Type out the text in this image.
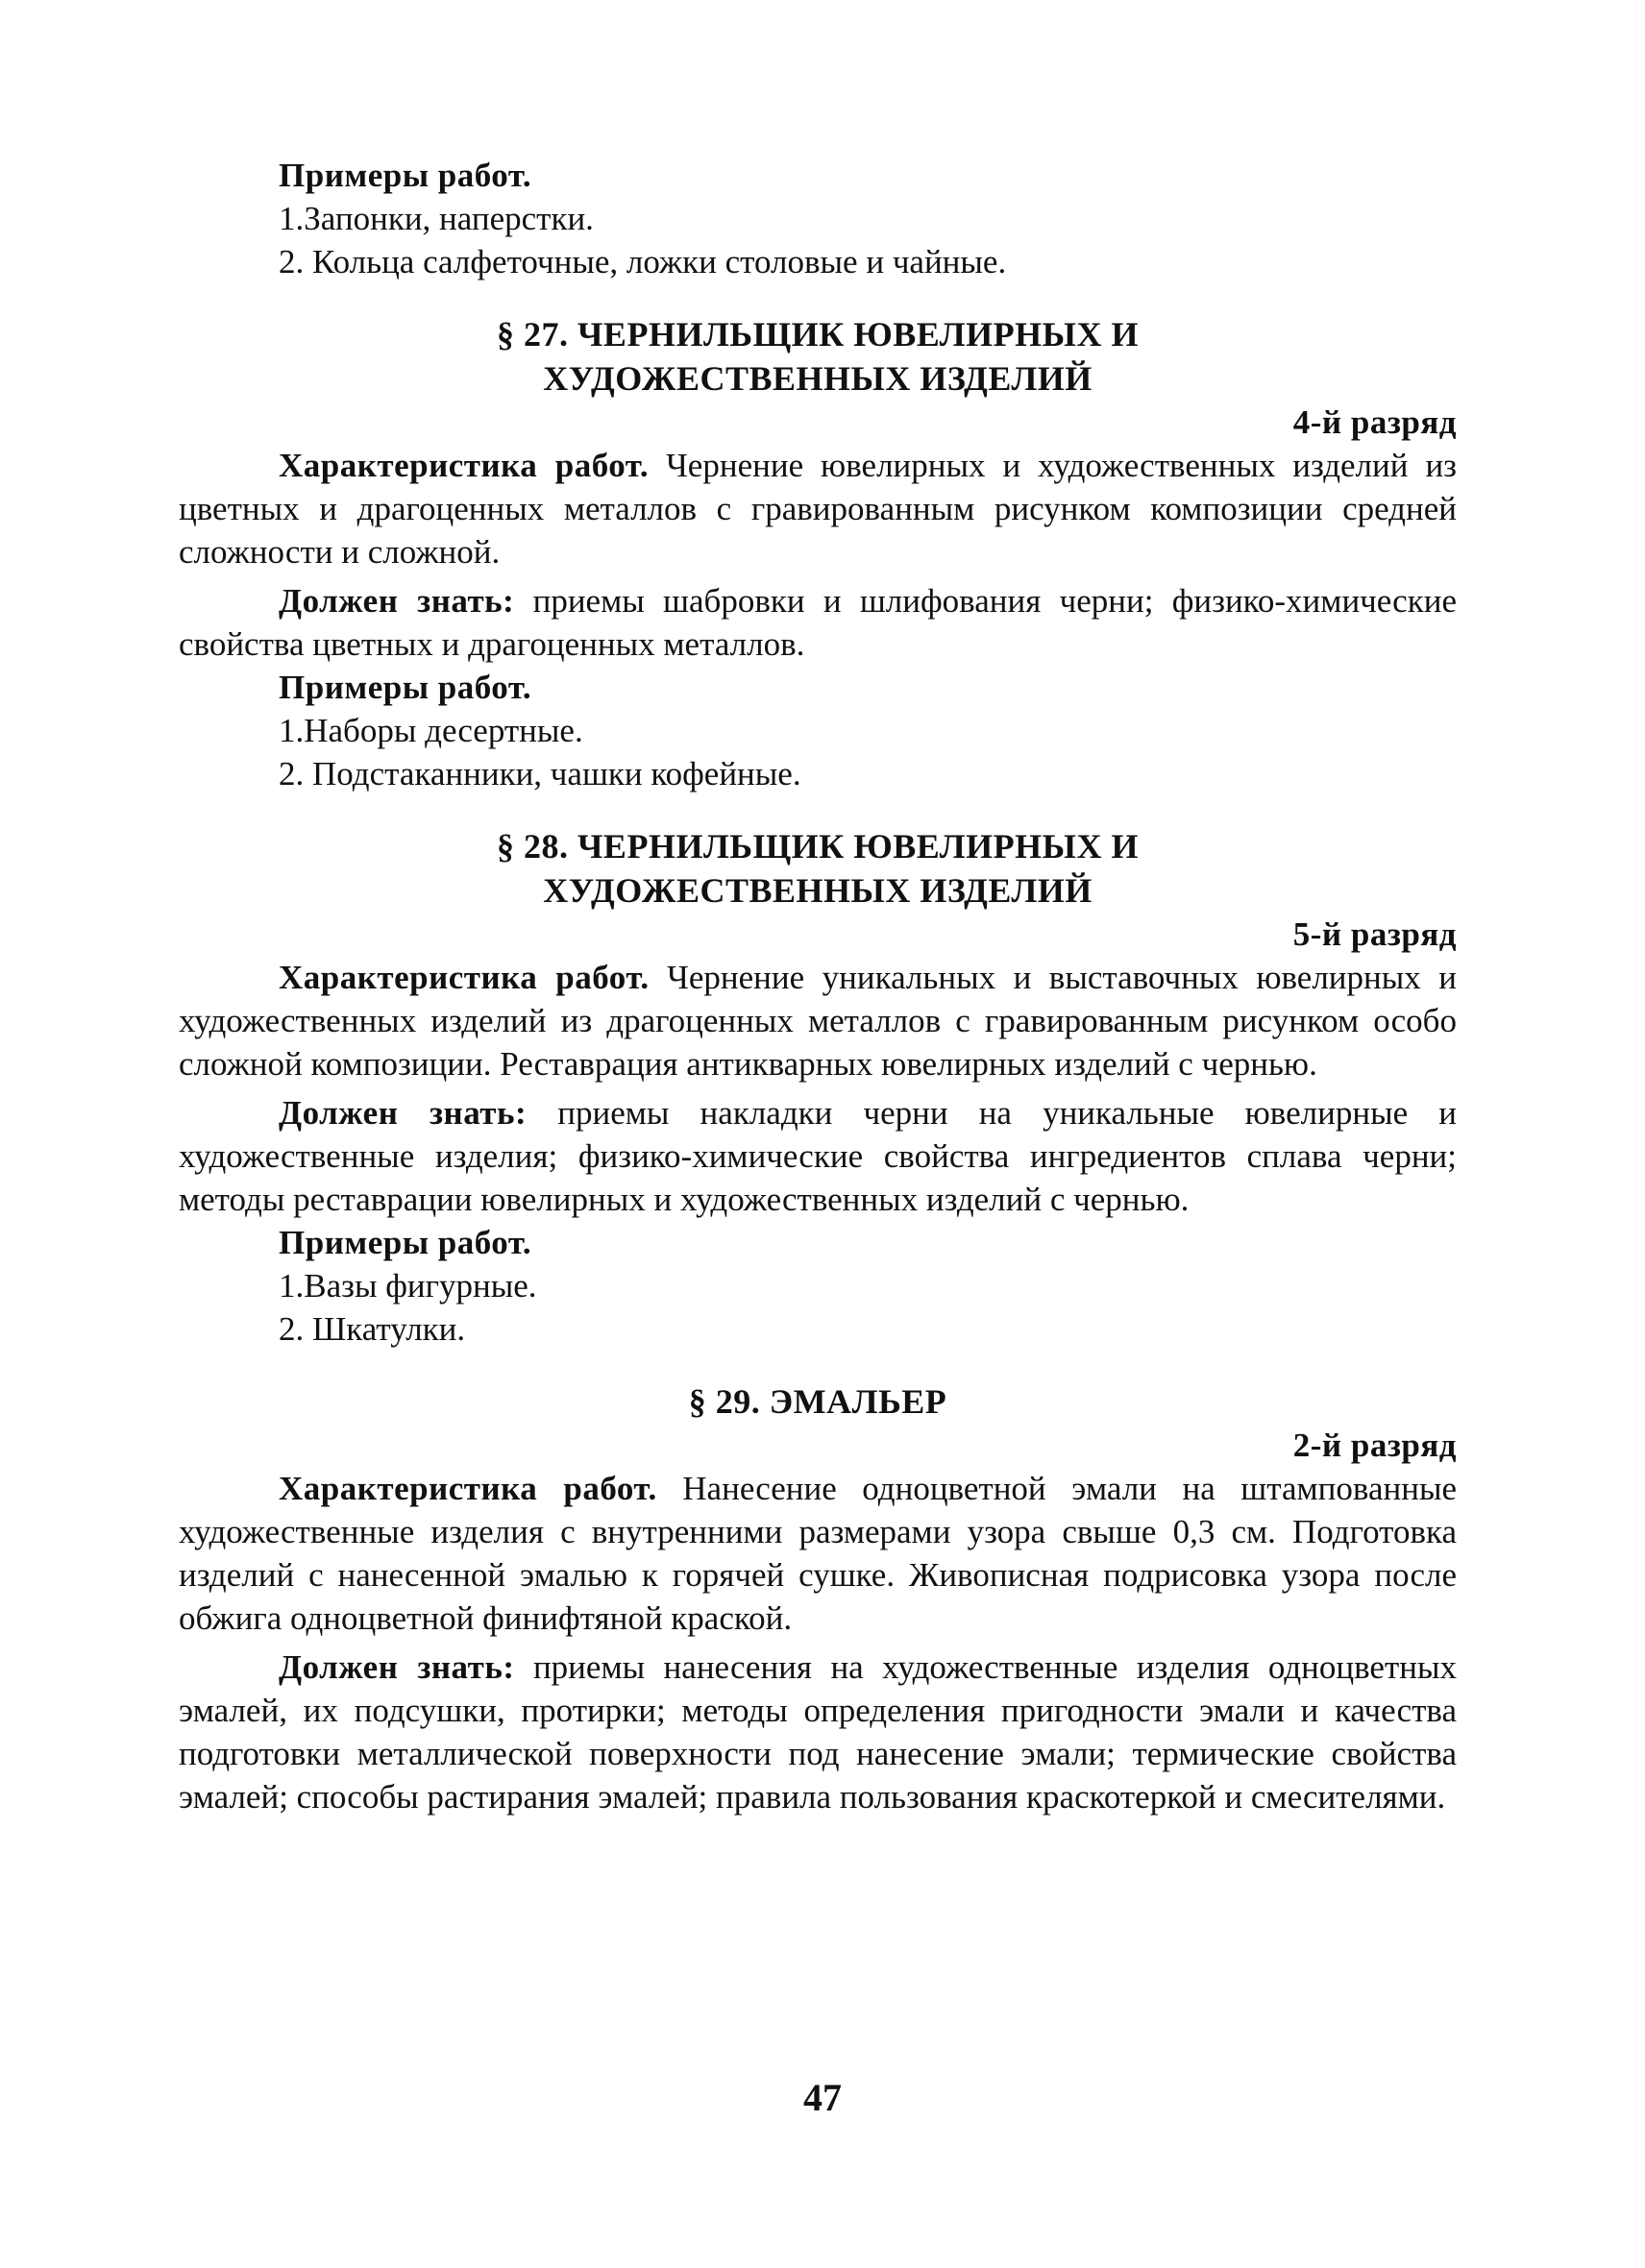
Примеры работ.

1.Запонки, наперстки.

2. Кольца салфеточные, ложки столовые и чайные.

§ 27. ЧЕРНИЛЬЩИК ЮВЕЛИРНЫХ И

ХУДОЖЕСТВЕННЫХ ИЗДЕЛИЙ

4-й разряд

Характеристика работ. Чернение ювелирных и художественных изделий из цветных и драгоценных металлов с гравированным рисунком композиции средней сложности и сложной.

Должен знать: приемы шабровки и шлифования черни; физико-химические свойства цветных и драгоценных металлов.

Примеры работ.

1.Наборы десертные.

2. Подстаканники, чашки кофейные.

§ 28. ЧЕРНИЛЬЩИК ЮВЕЛИРНЫХ И

ХУДОЖЕСТВЕННЫХ ИЗДЕЛИЙ

5-й разряд

Характеристика работ. Чернение уникальных и выставочных ювелирных и художественных изделий из драгоценных металлов с гравированным рисунком особо сложной композиции. Реставрация антикварных ювелирных изделий с чернью.

Должен знать: приемы накладки черни на уникальные ювелирные и художественные изделия; физико-химические свойства ингредиентов сплава черни; методы реставрации ювелирных и художественных изделий с чернью.

Примеры работ.

1.Вазы фигурные.

2. Шкатулки.

§ 29. ЭМАЛЬЕР

2-й разряд

Характеристика работ. Нанесение одноцветной эмали на штампованные художественные изделия с внутренними размерами узора свыше 0,3 см. Подготовка изделий с нанесенной эмалью к горячей сушке. Живописная подрисовка узора после обжига одноцветной финифтяной краской.

Должен знать: приемы нанесения на художественные изделия одноцветных эмалей, их подсушки, протирки; методы определения пригодности эмали и качества подготовки металлической поверхности под нанесение эмали; термические свойства эмалей; способы растирания эмалей; правила пользования краскотеркой и смесителями.

47
